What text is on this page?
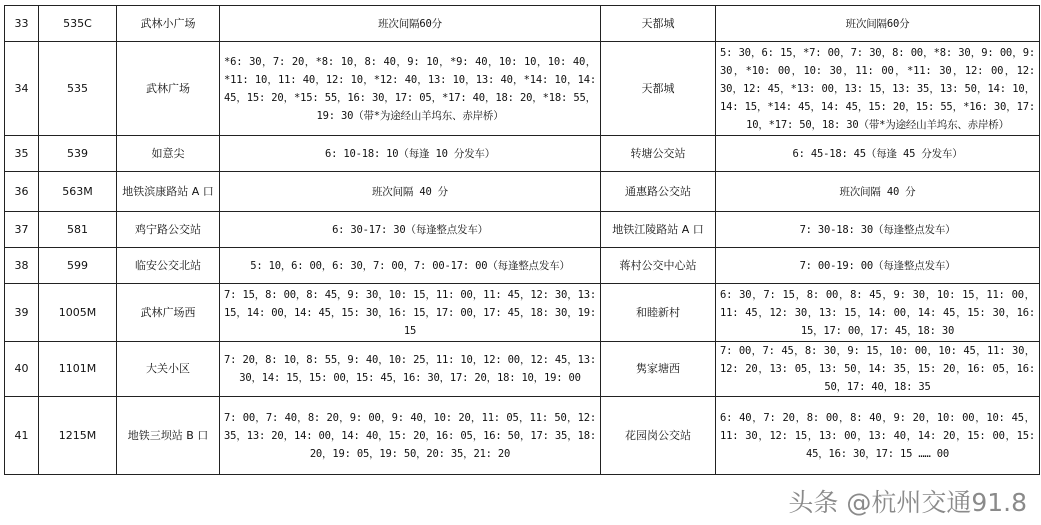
33	535C	武林小广场	班次间隔60分	天都城	班次间隔60分
34	535	武林广场	*6: 30，7: 20，*8: 10，8: 40，9: 10，*9: 40，10: 10，10: 40，*11: 10，11: 40，12: 10，*12: 40，13: 10，13: 40，*14: 10，14: 45，15: 20，*15: 55，16: 30，17: 05，*17: 40，18: 20，*18: 55，19: 30（带*为途经山羊坞东、赤岸桥）	天都城	5: 30，6: 15，*7: 00，7: 30，8: 00，*8: 30，9: 00，9: 30，*10: 00，10: 30，11: 00，*11: 30，12: 00，12: 30，12: 45，*13: 00，13: 15，13: 35，13: 50，14: 10，14: 15，*14: 45，14: 45，15: 20，15: 55，*16: 30，17: 10，*17: 50，18: 30（带*为途经山羊坞东、赤岸桥）
35	539	如意尖	6: 10-18: 10（每逢 10 分发车）	转塘公交站	6: 45-18: 45（每逢 45 分发车）
36	563M	地铁滨康路站 A 口	班次间隔 40 分	通惠路公交站	班次间隔 40 分
37	581	鸡宁路公交站	6: 30-17: 30（每逢整点发车）	地铁江陵路站 A 口	7: 30-18: 30（每逢整点发车）
38	599	临安公交北站	5: 10，6: 00，6: 30，7: 00，7: 00-17: 00（每逢整点发车）	蒋村公交中心站	7: 00-19: 00（每逢整点发车）
39	1005M	武林广场西	7: 15，8: 00，8: 45，9: 30，10: 15，11: 00，11: 45，12: 30，13: 15，14: 00，14: 45，15: 30，16: 15，17: 00，17: 45，18: 30，19: 15	和睦新村	6: 30，7: 15，8: 00，8: 45，9: 30，10: 15，11: 00，11: 45，12: 30，13: 15，14: 00，14: 45，15: 30，16: 15，17: 00，17: 45，18: 30
40	1101M	大关小区	7: 20，8: 10，8: 55，9: 40，10: 25，11: 10，12: 00，12: 45，13: 30，14: 15，15: 00，15: 45，16: 30，17: 20，18: 10，19: 00	隽家塘西	7: 00，7: 45，8: 30，9: 15，10: 00，10: 45，11: 30，12: 20，13: 05，13: 50，14: 35，15: 20，16: 05，16: 50，17: 40，18: 35
41	1215M	地铁三坝站 B 口	7: 00，7: 40，8: 20，9: 00，9: 40，10: 20，11: 05，11: 50，12: 35，13: 20，14: 00，14: 40，15: 20，16: 05，16: 50，17: 35，18: 20，19: 05，19: 50，20: 35，21: 20	花园岗公交站	6: 40，7: 20，8: 00，8: 40，9: 20，10: 00，10: 45，11: 30，12: 15，13: 00，13: 40，14: 20，15: 00，15: 45，16: 30，17: 15 …… 00
头条 @杭州交通91.8
